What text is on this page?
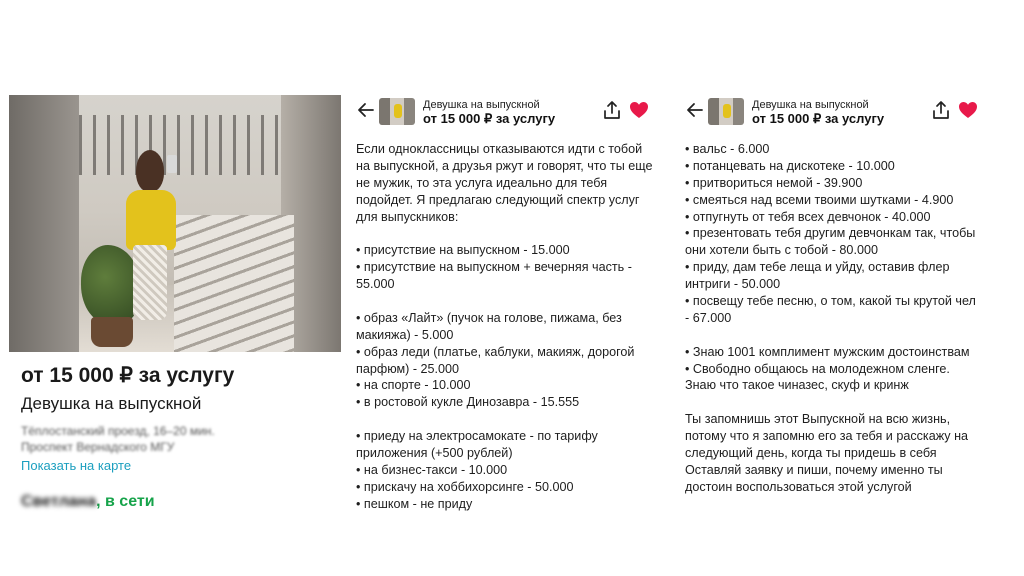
от 15 000 ₽ за услугу
Девушка на выпускной
Тёплостанский проезд, 16–20 мин.
Проспект Вернадского МГУ
Показать на карте
Светлана, в сети
Девушка на выпускной
от 15 000 ₽ за услугу
Если одноклассницы отказываются идти с тобой
на выпускной, а друзья ржут и говорят, что ты еще
не мужик, то эта услуга идеально для тебя
подойдет. Я предлагаю следующий спектр услуг
для выпускников:
• присутствие на выпускном - 15.000
• присутствие на выпускном + вечерняя часть -
55.000
• образ «Лайт» (пучок на голове, пижама, без
макияжа) - 5.000
• образ леди (платье, каблуки, макияж, дорогой
парфюм) - 25.000
• на спорте - 10.000
• в ростовой кукле Динозавра - 15.555
• приеду на электросамокате - по тарифу
приложения (+500 рублей)
• на бизнес-такси - 10.000
• прискачу на хоббихорсинге - 50.000
• пешком - не приду
Девушка на выпускной
от 15 000 ₽ за услугу
• вальс - 6.000
• потанцевать на дискотеке - 10.000
• притвориться немой - 39.900
• смеяться над всеми твоими шутками - 4.900
• отпугнуть от тебя всех девчонок - 40.000
• презентовать тебя другим девчонкам так, чтобы
они хотели быть с тобой - 80.000
• приду, дам тебе леща и уйду, оставив флер
интриги - 50.000
• посвещу тебе песню, о том, какой ты крутой чел
- 67.000
• Знаю 1001 комплимент мужским достоинствам
• Свободно общаюсь на молодежном сленге.
Знаю что такое чиназес, скуф и кринж
Ты запомнишь этот Выпускной на всю жизнь,
потому что я запомню его за тебя и расскажу на
следующий день, когда ты придешь в себя
Оставляй заявку и пиши, почему именно ты
достоин воспользоваться этой услугой
